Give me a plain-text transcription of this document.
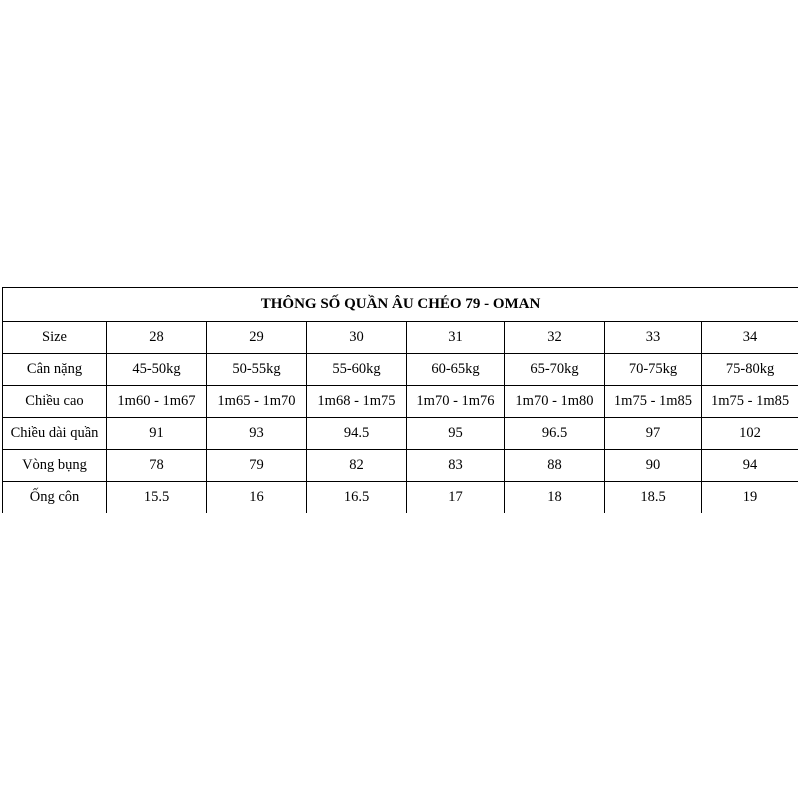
THÔNG SỐ QUẦN ÂU CHÉO 79 - OMAN							
Size	28	29	30	31	32	33	34
Cân nặng	45-50kg	50-55kg	55-60kg	60-65kg	65-70kg	70-75kg	75-80kg
Chiều cao	1m60 - 1m67	1m65 - 1m70	1m68 - 1m75	1m70 - 1m76	1m70 - 1m80	1m75 - 1m85	1m75 - 1m85
Chiều dài quần	91	93	94.5	95	96.5	97	102
Vòng bụng	78	79	82	83	88	90	94
Ống côn	15.5	16	16.5	17	18	18.5	19
